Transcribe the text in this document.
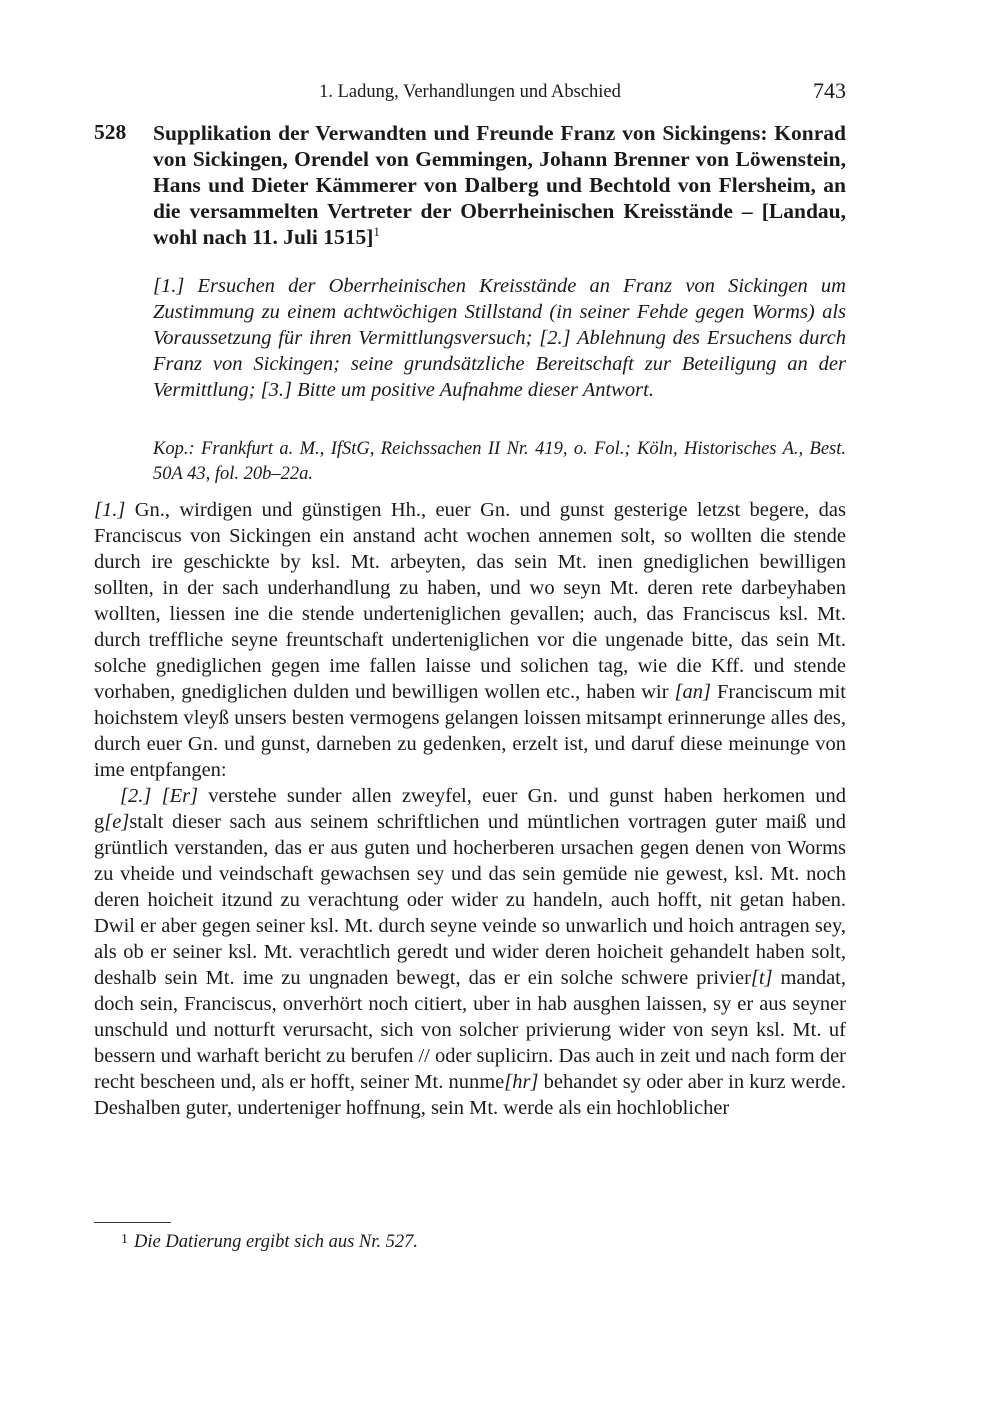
1. Ladung, Verhandlungen und Abschied	743
528 Supplikation der Verwandten und Freunde Franz von Sickingens: Konrad von Sickingen, Orendel von Gemmingen, Johann Brenner von Löwenstein, Hans und Dieter Kämmerer von Dalberg und Bechtold von Flersheim, an die versammelten Vertreter der Oberrheinischen Kreisstände – [Landau, wohl nach 11. Juli 1515]$^1$

[1.] Ersuchen der Oberrheinischen Kreisstände an Franz von Sickingen um Zustimmung zu einem achtwöchigen Stillstand (in seiner Fehde gegen Worms) als Voraussetzung für ihren Vermittlungsversuch; [2.] Ablehnung des Ersuchens durch Franz von Sickingen; seine grundsätzliche Bereitschaft zur Beteiligung an der Vermittlung; [3.] Bitte um positive Aufnahme dieser Antwort.

Kop.: Frankfurt a. M., IfStG, Reichssachen II Nr. 419, o. Fol.; Köln, Historisches A., Best. 50A 43, fol. 20b–22a.

[1.] Gn., wirdigen und günstigen Hh., euer Gn. und gunst gesterige letzst begere, das Franciscus von Sickingen ein anstand acht wochen annemen solt, so wollten die stende durch ire geschickte by ksl. Mt. arbeyten, das sein Mt. inen gnediglichen bewilligen sollten, in der sach underhandlung zu haben, und wo seyn Mt. deren rete darbeyhaben wollten, liessen ine die stende underteniglichen gevallen; auch, das Franciscus ksl. Mt. durch treffliche seyne freuntschaft underteniglichen vor die ungenade bitte, das sein Mt. solche gnediglichen gegen ime fallen laisse und solichen tag, wie die Kff. und stende vorhaben, gnediglichen dulden und bewilligen wollen etc., haben wir [an] Franciscum mit hoichstem vleyß unsers besten vermogens gelangen loissen mitsampt erinnerunge alles des, durch euer Gn. und gunst, darneben zu gedenken, erzelt ist, und daruf diese meinunge von ime entpfangen:

[2.] [Er] verstehe sunder allen zweyfel, euer Gn. und gunst haben herkomen und g[e]stalt dieser sach aus seinem schriftlichen und müntlichen vortragen guter maiß und grüntlich verstanden, das er aus guten und hocherberen ursachen gegen denen von Worms zu vheide und veindschaft gewachsen sey und das sein gemüde nie gewest, ksl. Mt. noch deren hoicheit itzund zu verachtung oder wider zu handeln, auch hofft, nit getan haben. Dwil er aber gegen seiner ksl. Mt. durch seyne veinde so unwarlich und hoich antragen sey, als ob er seiner ksl. Mt. verachtlich geredt und wider deren hoicheit gehandelt haben solt, deshalb sein Mt. ime zu ungnaden bewegt, das er ein solche schwere privier[t] mandat, doch sein, Franciscus, onverhört noch citiert, uber in hab ausghen laissen, sy er aus seyner unschuld und notturft verursacht, sich von solcher privierung wider von seyn ksl. Mt. uf bessern und warhaft bericht zu berufen // oder suplicirn. Das auch in zeit und nach form der recht bescheen und, als er hofft, seiner Mt. nunme[hr] behandet sy oder aber in kurz werde. Deshalben guter, underteniger hoffnung, sein Mt. werde als ein hochloblicher

$^1$ Die Datierung ergibt sich aus Nr. 527.
